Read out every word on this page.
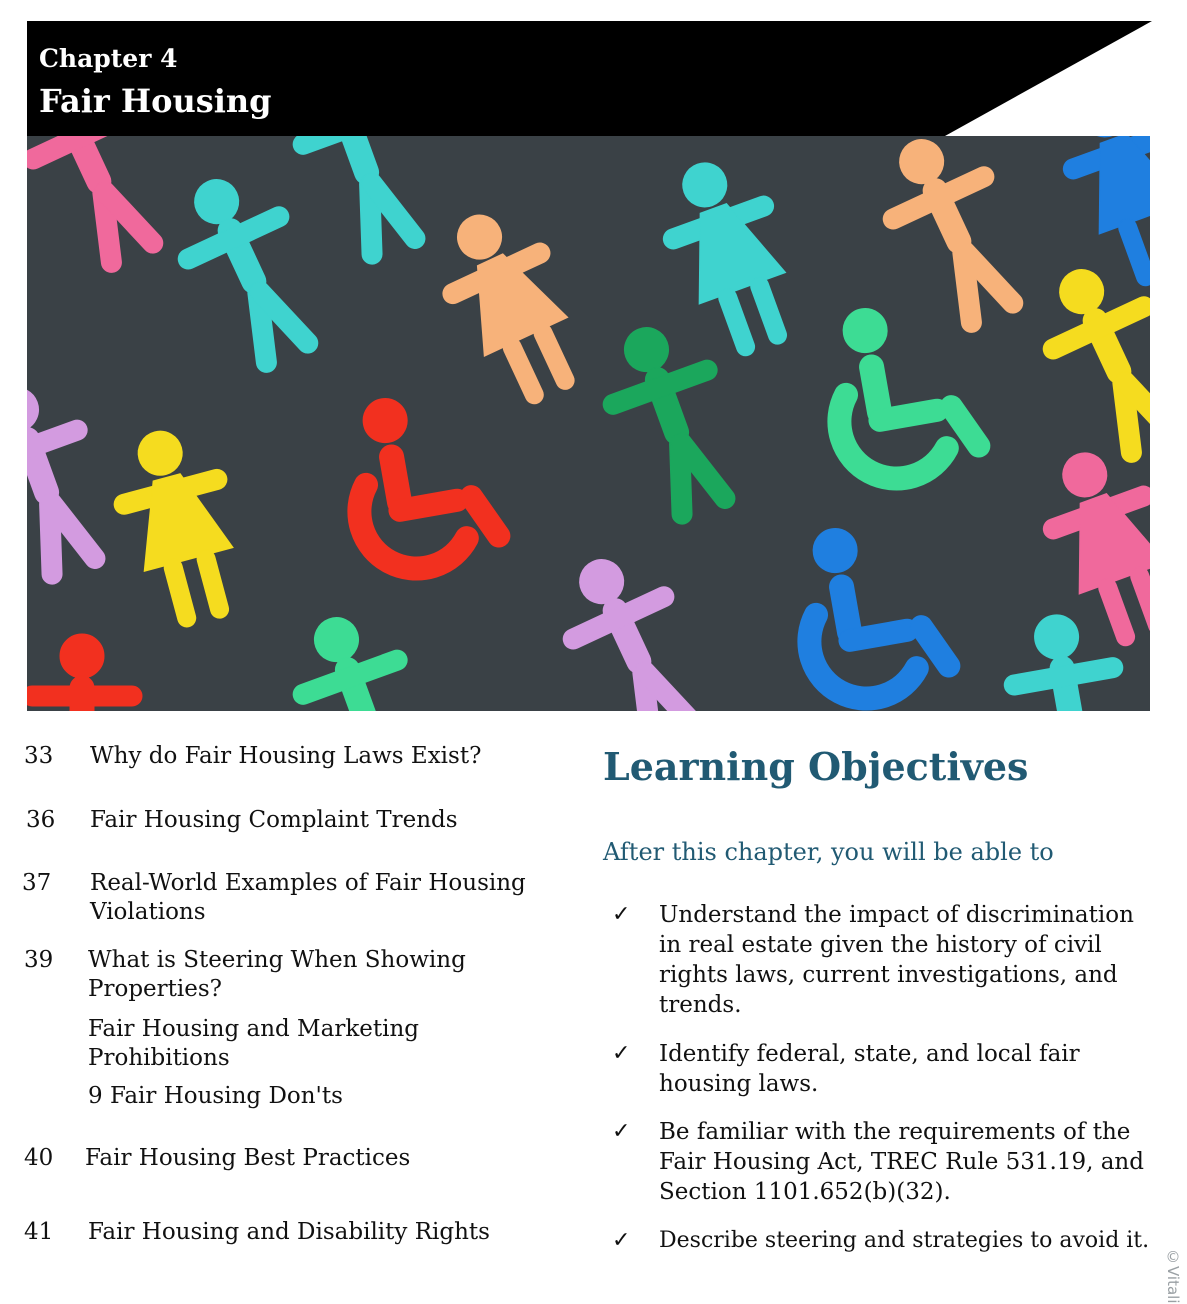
Chapter 4
Fair Housing
33	Why do Fair Housing Laws Exist?
36	Fair Housing Complaint Trends
37	Real-World Examples of Fair Housing Violations
39	What is Steering When Showing Properties?
Fair Housing and Marketing Prohibitions
9 Fair Housing Don'ts
40	Fair Housing Best Practices
41	Fair Housing and Disability Rights
Learning Objectives
After this chapter, you will be able to
✓ Understand the impact of discrimination in real estate given the history of civil rights laws, current investigations, and trends.
✓ Identify federal, state, and local fair housing laws.
✓ Be familiar with the requirements of the Fair Housing Act, TREC Rule 531.19, and Section 1101.652(b)(32).
✓ Describe steering and strategies to avoid it.
©Vitali
